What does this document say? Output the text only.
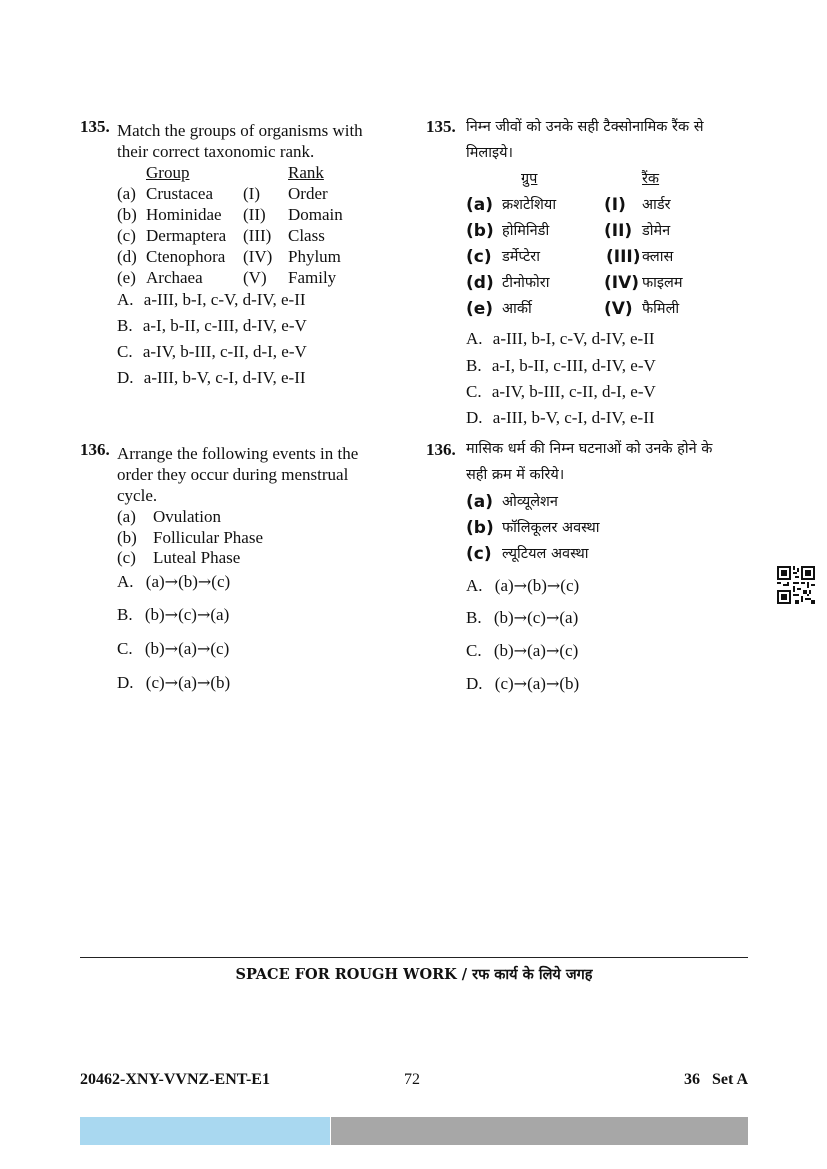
135. Match the groups of organisms with
their correct taxonomic rank.
Group	Rank
(a) Crustacea (I) Order
(b) Hominidae (II) Domain
(c) Dermaptera (III) Class
(d) Ctenophora (IV) Phylum
(e) Archaea (V) Family
A. a-III, b-I, c-V, d-IV, e-II
B. a-I, b-II, c-III, d-IV, e-V
C. a-IV, b-III, c-II, d-I, e-V
D. a-III, b-V, c-I, d-IV, e-II
135. निम्न जीवों को उनके सही टैक्सोनामिक रैंक से
मिलाइये।
ग्रुप	रैंक
(a) क्रशटेशिया	(I) आर्डर
(b) होमिनिडी	(II) डोमेन
(c) डर्मेप्टेरा	(III) क्लास
(d) टीनोफोरा	(IV) फाइलम
(e) आर्की	(V) फैमिली
A. a-III, b-I, c-V, d-IV, e-II
B. a-I, b-II, c-III, d-IV, e-V
C. a-IV, b-III, c-II, d-I, e-V
D. a-III, b-V, c-I, d-IV, e-II
136. Arrange the following events in the
order they occur during menstrual
cycle.
(a) Ovulation
(b) Follicular Phase
(c) Luteal Phase
A. (a)→(b)→(c)
B. (b)→(c)→(a)
C. (b)→(a)→(c)
D. (c)→(a)→(b)
136. मासिक धर्म की निम्न घटनाओं को उनके होने के
सही क्रम में करिये।
(a) ओव्यूलेशन
(b) फॉलिकूलर अवस्था
(c) ल्यूटियल अवस्था
A. (a)→(b)→(c)
B. (b)→(c)→(a)
C. (b)→(a)→(c)
D. (c)→(a)→(b)
SPACE FOR ROUGH WORK / रफ कार्य के लिये जगह
20462-XNY-VVNZ-ENT-E1	72	36   Set A
